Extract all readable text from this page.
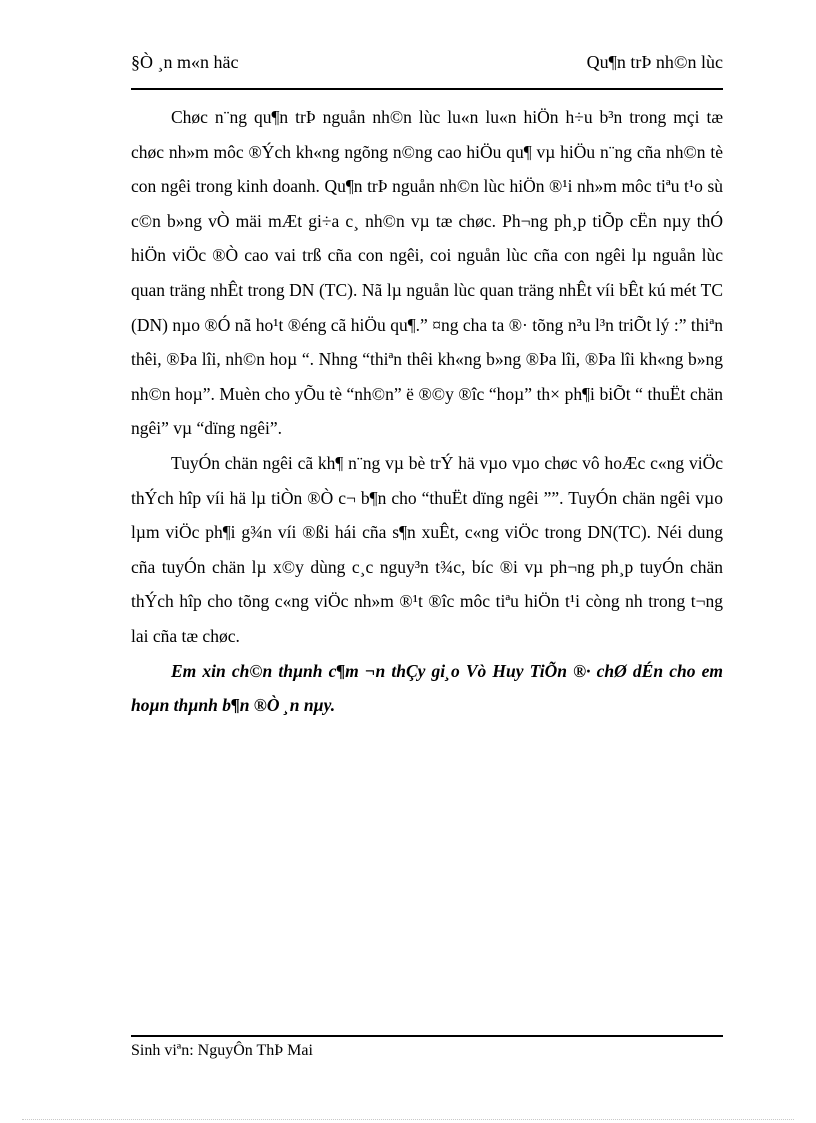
§Ò ¸n m«n häc	Qu¶n trÞ nh©n lùc

Chøc n¨ng qu¶n trÞ nguån nh©n lùc lu«n lu«n hiÖn h÷u b³n trong mçi tæ chøc nh»m môc ®Ých kh«ng ngõng n©ng cao hiÖu qu¶ vµ hiÖu n¨ng cña nh©n tè con ngêi trong kinh doanh. Qu¶n trÞ nguån nh©n lùc hiÖn ®¹i nh»m môc tiªu t¹o sù c©n b»ng vÒ mäi mÆt gi÷a c¸ nh©n vµ tæ chøc. Ph¬ng ph¸p tiÕp cËn nµy thÓ hiÖn viÖc ®Ò cao vai trß cña con ngêi, coi nguån lùc cña con ngêi lµ nguån lùc quan träng nhÊt trong DN (TC). Nã lµ nguån lùc quan träng nhÊt víi bÊt kú mét TC (DN) nµo ®Ó nã ho¹t ®éng cã hiÖu qu¶.” ¤ng cha ta ®· tõng n³u l³n triÕt lý :” thiªn thêi, ®Þa lîi, nh©n hoµ “. Nhng “thiªn thêi kh«ng b»ng ®Þa lîi, ®Þa lîi kh«ng b»ng nh©n hoµ”. Muèn cho yÕu tè “nh©n” ë ®©y ®îc “hoµ” th× ph¶i biÕt “ thuËt chän ngêi” vµ “dïng ngêi”.

TuyÓn chän ngêi cã kh¶ n¨ng vµ bè trÝ hä vµo vµo chøc vô hoÆc c«ng viÖc thÝch hîp víi hä lµ tiÒn ®Ò c¬ b¶n cho “thuËt dïng ngêi ””. TuyÓn chän ngêi vµo lµm viÖc ph¶i g¾n víi ®ßi hái cña s¶n xuÊt, c«ng viÖc trong DN(TC). Néi dung cña tuyÓn chän lµ x©y dùng c¸c nguy³n t¾c, bíc ®i vµ ph¬ng ph¸p tuyÓn chän thÝch hîp cho tõng c«ng viÖc nh»m ®¹t ®îc môc tiªu hiÖn t¹i còng nh trong t¬ng lai cña tæ chøc.

Em xin ch©n thµnh c¶m ¬n thÇy gi¸o Vò Huy TiÕn ®· chØ dÉn cho em hoµn thµnh b¶n ®Ò ¸n nµy.

Sinh viªn: NguyÔn ThÞ Mai
